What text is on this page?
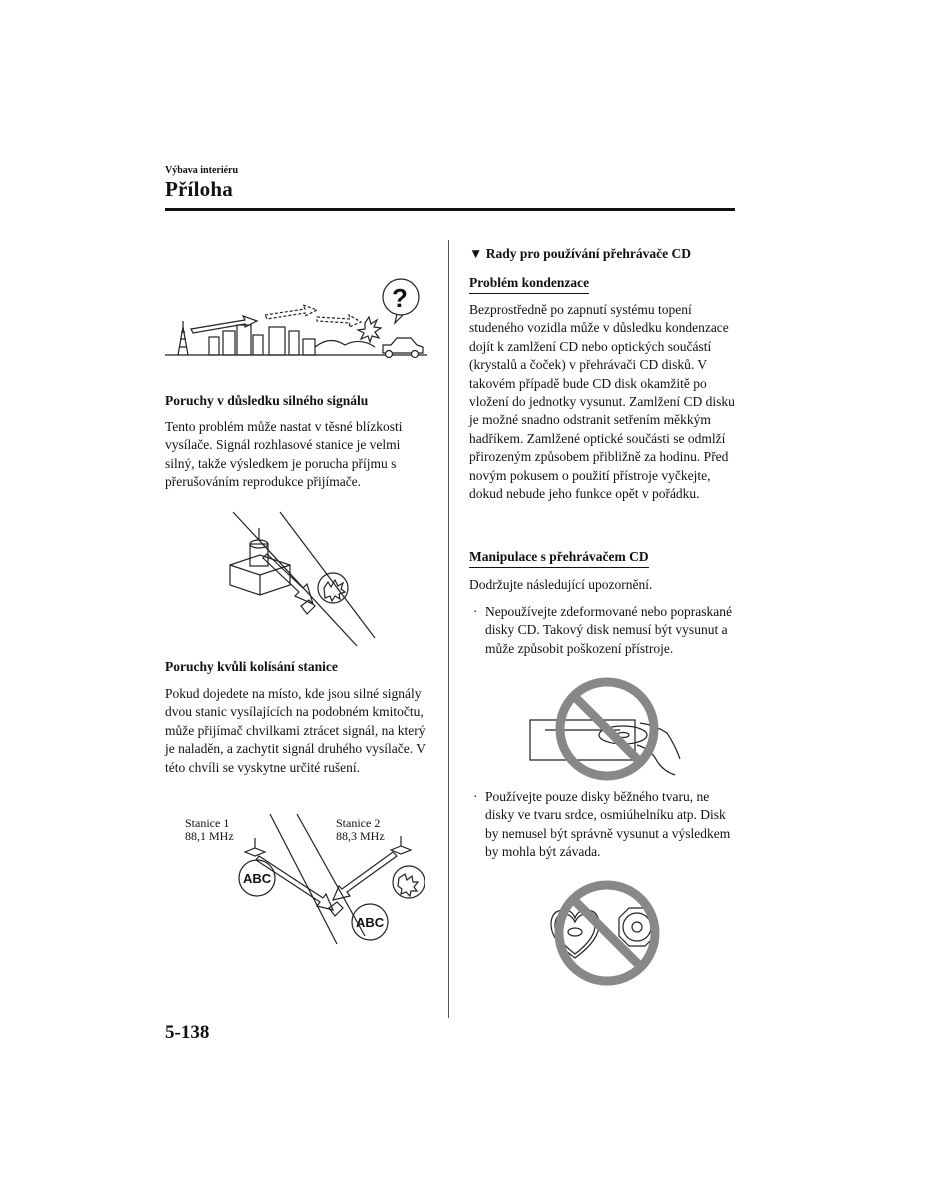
Výbava interiéru
Příloha
?
Poruchy v důsledku silného signálu
Tento problém může nastat v těsné blízkosti vysílače. Signál rozhlasové stanice je velmi silný, takže výsledkem je porucha příjmu s přerušováním reprodukce přijímače.
Poruchy kvůli kolísání stanice
Pokud dojedete na místo, kde jsou silné signály dvou stanic vysílajících na podobném kmitočtu, může přijímač chvilkami ztrácet signál, na který je naladěn, a zachytit signál druhého vysílače. V této chvíli se vyskytne určité rušení.
Stanice 1
88,1 MHz
Stanice 2
88,3 MHz
ABC
ABC
▼ Rady pro používání přehrávače CD
Problém kondenzace
Bezprostředně po zapnutí systému topení studeného vozidla může v důsledku kondenzace dojít k zamlžení CD nebo optických součástí (krystalů a čoček) v přehrávači CD disků. V takovém případě bude CD disk okamžitě po vložení do jednotky vysunut. Zamlžení CD disku je možné snadno odstranit setřením měkkým hadříkem. Zamlžené optické součásti se odmlží přirozeným způsobem přibližně za hodinu. Před novým pokusem o použití přístroje vyčkejte, dokud nebude jeho funkce opět v pořádku.
Manipulace s přehrávačem CD
Dodržujte následující upozornění.
· Nepoužívejte zdeformované nebo popraskané disky CD. Takový disk nemusí být vysunut a může způsobit poškození přístroje.
· Používejte pouze disky běžného tvaru, ne disky ve tvaru srdce, osmiúhelníku atp. Disk by nemusel být správně vysunut a výsledkem by mohla být závada.
5-138
